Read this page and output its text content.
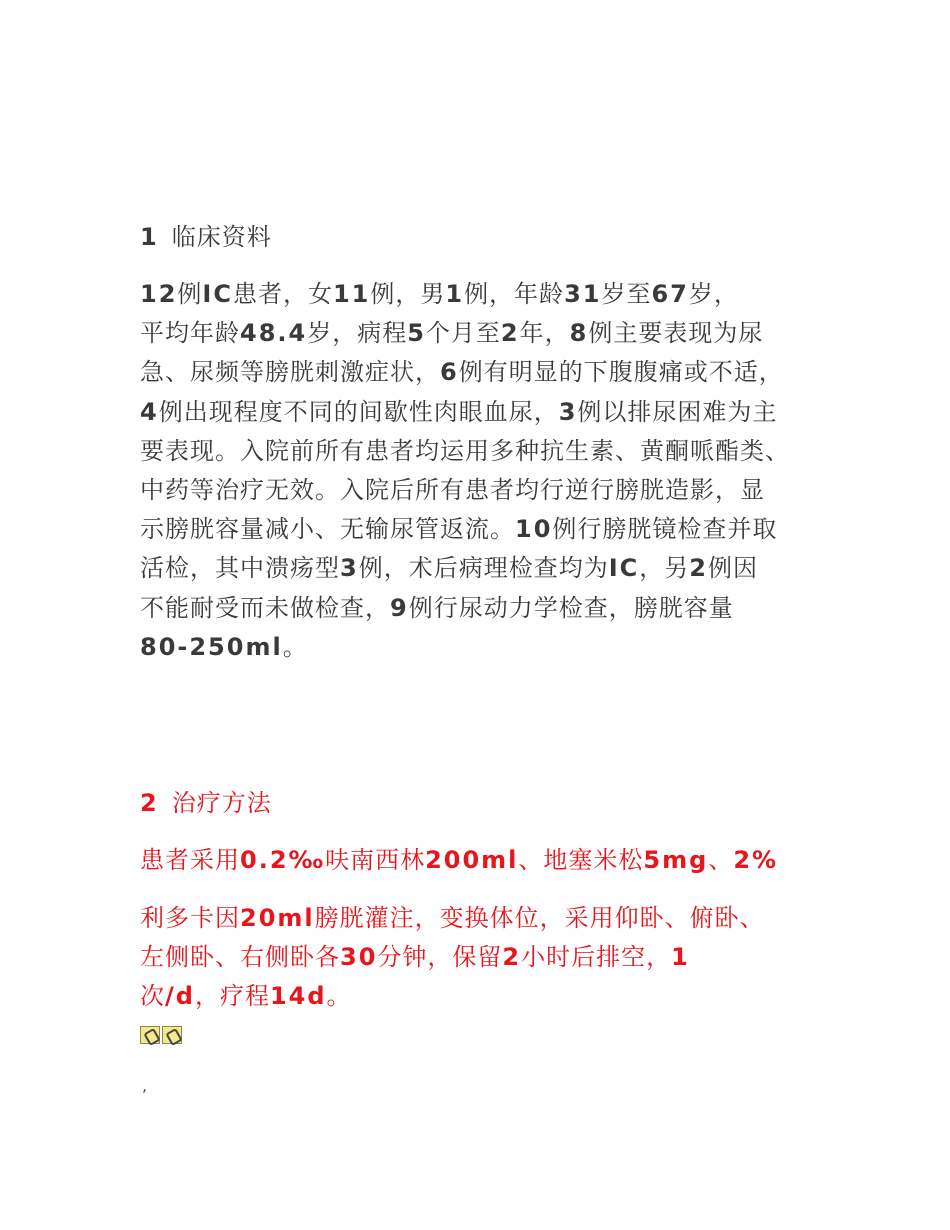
1 临床资料

12例IC患者，女11例，男1例，年龄31岁至67岁，
平均年龄48.4岁，病程5个月至2年，8例主要表现为尿
急、尿频等膀胱刺激症状，6例有明显的下腹腹痛或不适，
4例出现程度不同的间歇性肉眼血尿，3例以排尿困难为主
要表现。入院前所有患者均运用多种抗生素、黄酮哌酯类、
中药等治疗无效。入院后所有患者均行逆行膀胱造影，显
示膀胱容量减小、无输尿管返流。10例行膀胱镜检查并取
活检，其中溃疡型3例，术后病理检查均为IC，另2例因
不能耐受而未做检查，9例行尿动力学检查，膀胱容量
80-250ml。

2 治疗方法

患者采用0.2‰呋南西林200ml、地塞米松5mg、2%

利多卡因20ml膀胱灌注，变换体位，采用仰卧、俯卧、
左侧卧、右侧卧各30分钟，保留2小时后排空，1
次/d，疗程14d。

,
